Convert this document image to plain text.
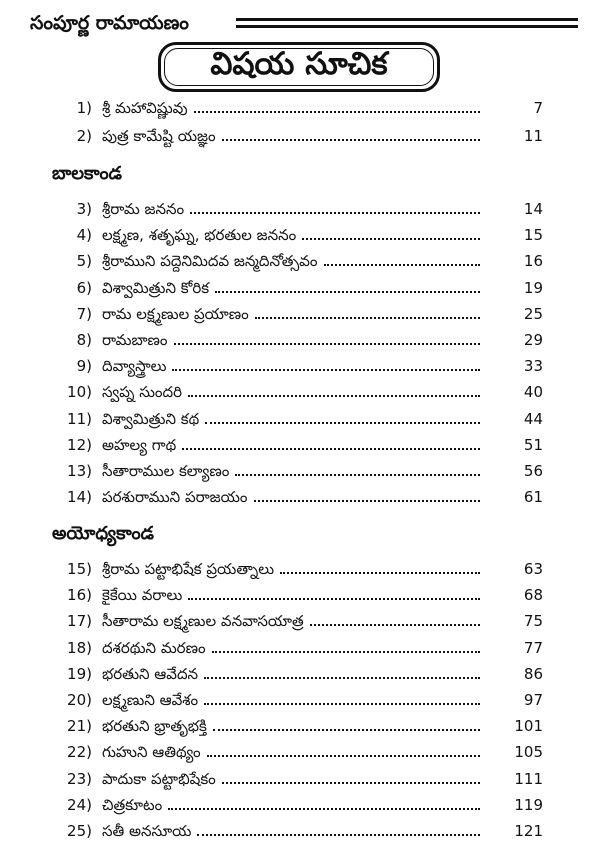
సంపూర్ణ రామాయణం
విషయ సూచిక
1) శ్రీ మహావిష్ణువు	7
2) పుత్ర కామేష్టి యజ్ఞం	11
బాలకాండ
3) శ్రీరామ జననం	14
4) లక్ష్మణ, శతృఘ్న, భరతుల జననం	15
5) శ్రీరాముని పద్దెనిమిదవ జన్మదినోత్సవం	16
6) విశ్వామిత్రుని కోరిక	19
7) రామ లక్ష్మణుల ప్రయాణం	25
8) రామబాణం	29
9) దివ్యాస్త్రాలు	33
10) స్వప్న సుందరి	40
11) విశ్వామిత్రుని కథ	44
12) అహల్య గాథ	51
13) సీతారాముల కల్యాణం	56
14) పరశురాముని పరాజయం	61
అయోధ్యకాండ
15) శ్రీరామ పట్టాభిషేక ప్రయత్నాలు	63
16) కైకేయి వరాలు	68
17) సీతారామ లక్ష్మణుల వనవాసయాత్ర	75
18) దశరథుని మరణం	77
19) భరతుని ఆవేదన	86
20) లక్ష్మణుని ఆవేశం	97
21) భరతుని భ్రాతృభక్తి	101
22) గుహుని ఆతిథ్యం	105
23) పాదుకా పట్టాభిషేకం	111
24) చిత్రకూటం	119
25) సతీ అనసూయ	121
